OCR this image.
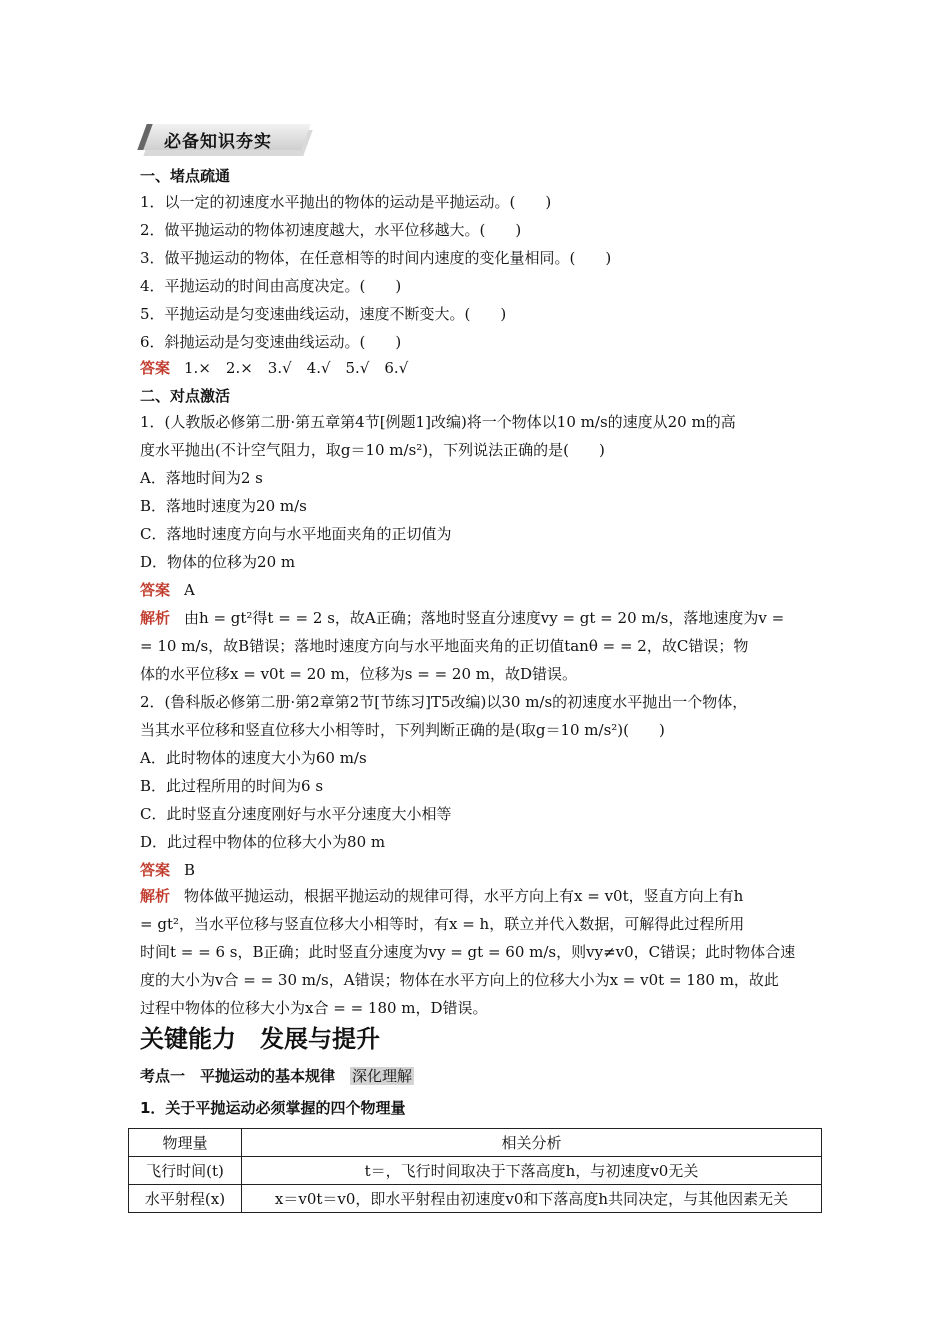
必备知识夯实
一、堵点疏通
1．以一定的初速度水平抛出的物体的运动是平抛运动。(　　)
2．做平抛运动的物体初速度越大，水平位移越大。(　　)
3．做平抛运动的物体，在任意相等的时间内速度的变化量相同。(　　)
4．平抛运动的时间由高度决定。(　　)
5．平抛运动是匀变速曲线运动，速度不断变大。(　　)
6．斜抛运动是匀变速曲线运动。(　　)
答案 1.×　2.×　3.√　4.√　5.√　6.√
二、对点激活
1．(人教版必修第二册·第五章第4节[例题1]改编)将一个物体以10 m/s的速度从20 m的高
度水平抛出(不计空气阻力，取g＝10 m/s²)，下列说法正确的是(　　)
A．落地时间为2 s
B．落地时速度为20 m/s
C．落地时速度方向与水平地面夹角的正切值为
D．物体的位移为20 m
答案 A
解析 由h = gt²得t = = 2 s，故A正确；落地时竖直分速度vy = gt = 20 m/s，落地速度为v =
= 10 m/s，故B错误；落地时速度方向与水平地面夹角的正切值tanθ = = 2，故C错误；物
体的水平位移x = v0t = 20 m，位移为s = = 20 m，故D错误。
2．(鲁科版必修第二册·第2章第2节[节练习]T5改编)以30 m/s的初速度水平抛出一个物体，
当其水平位移和竖直位移大小相等时，下列判断正确的是(取g＝10 m/s²)(　　)
A．此时物体的速度大小为60 m/s
B．此过程所用的时间为6 s
C．此时竖直分速度刚好与水平分速度大小相等
D．此过程中物体的位移大小为80 m
答案 B
解析 物体做平抛运动，根据平抛运动的规律可得，水平方向上有x = v0t，竖直方向上有h
= gt²，当水平位移与竖直位移大小相等时，有x = h，联立并代入数据，可解得此过程所用
时间t = = 6 s，B正确；此时竖直分速度为vy = gt = 60 m/s，则vy≠v0，C错误；此时物体合速
度的大小为v合 = = 30 m/s，A错误；物体在水平方向上的位移大小为x = v0t = 180 m，故此
过程中物体的位移大小为x合 = = 180 m，D错误。
关键能力　发展与提升
考点一　平抛运动的基本规律　 深化理解
1．关于平抛运动必须掌握的四个物理量
物理量	相关分析
飞行时间(t)	t＝，飞行时间取决于下落高度h，与初速度v0无关
水平射程(x)	x＝v0t＝v0，即水平射程由初速度v0和下落高度h共同决定，与其他因素无关
